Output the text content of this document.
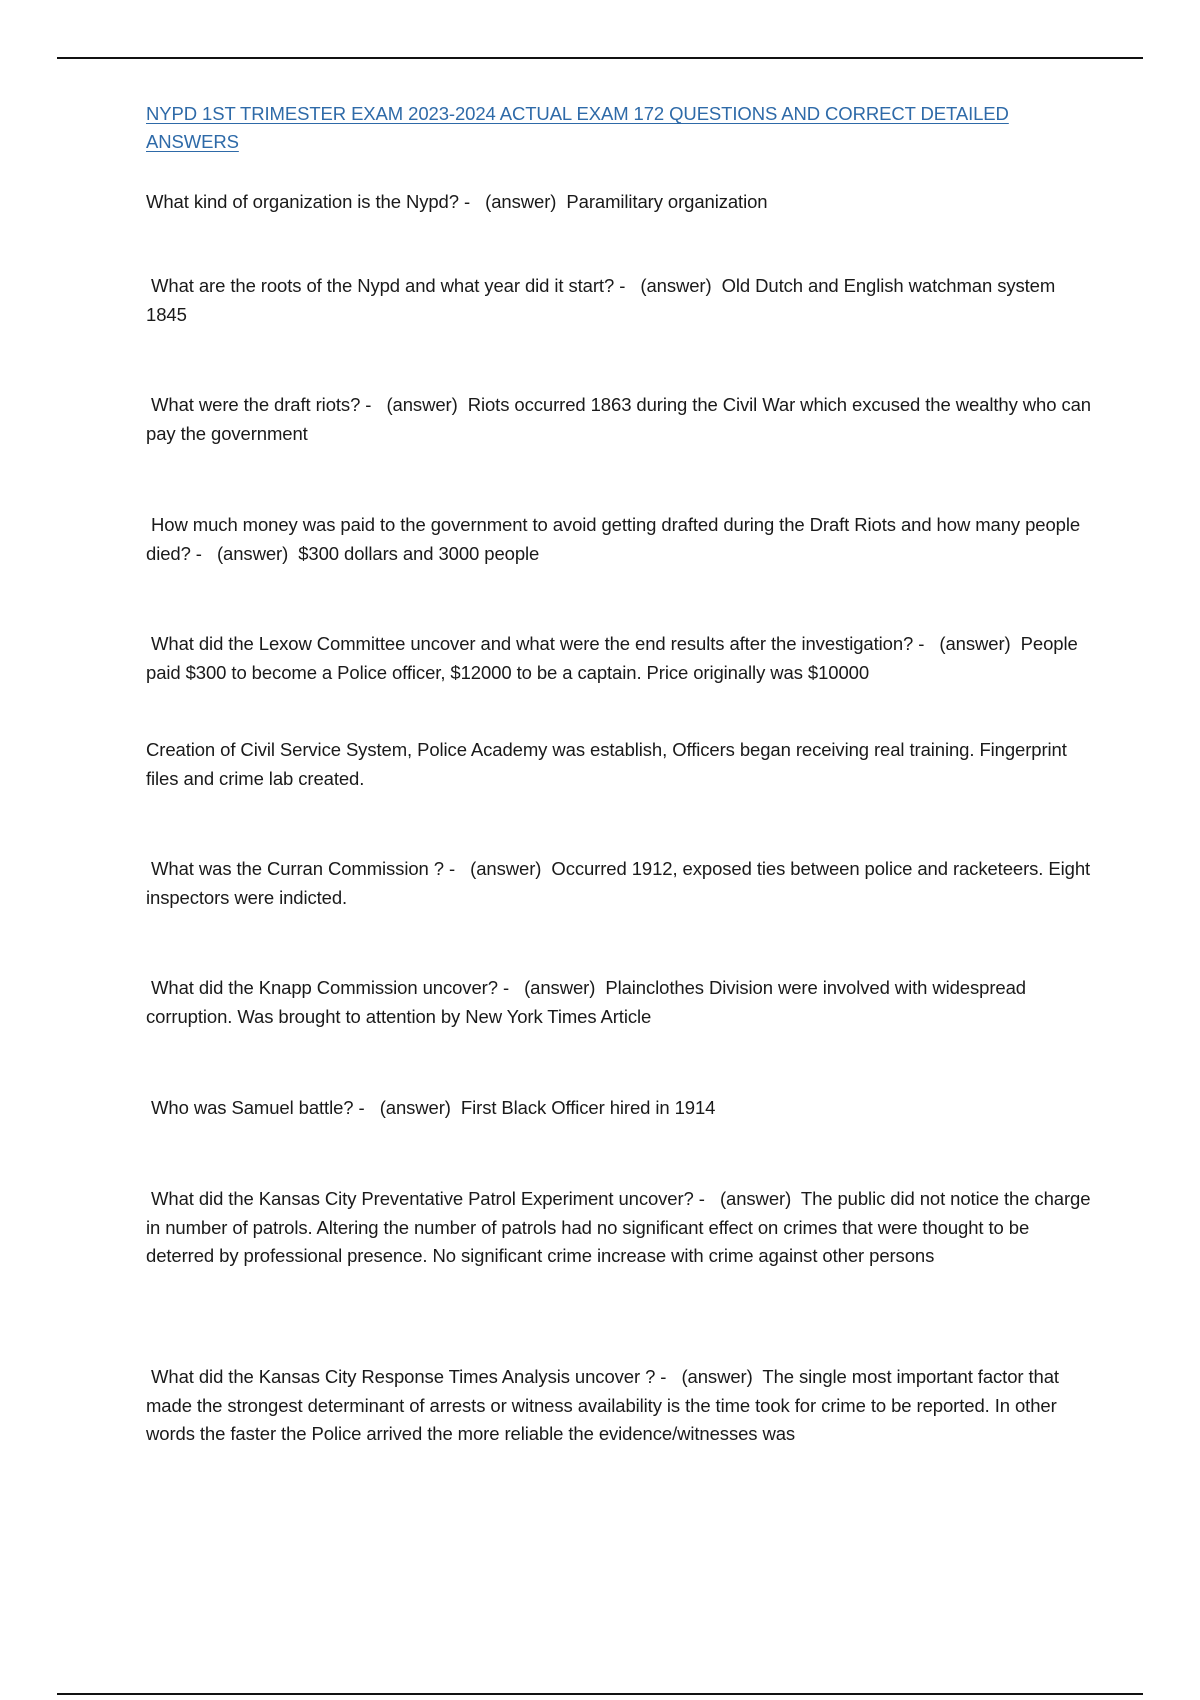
NYPD 1ST TRIMESTER EXAM 2023-2024 ACTUAL EXAM 172 QUESTIONS AND CORRECT DETAILED ANSWERS

What kind of organization is the Nypd? -   (answer)  Paramilitary organization

What are the roots of the Nypd and what year did it start? -   (answer)  Old Dutch and English watchman system 1845

What were the draft riots? -   (answer)  Riots occurred 1863 during the Civil War which excused the wealthy who can pay the government

How much money was paid to the government to avoid getting drafted during the Draft Riots and how many people died? -   (answer)  $300 dollars and 3000 people

What did the Lexow Committee uncover and what were the end results after the investigation? -   (answer)  People paid $300 to become a Police officer, $12000 to be a captain. Price originally was $10000

Creation of Civil Service System, Police Academy was establish, Officers began receiving real training. Fingerprint files and crime lab created.

What was the Curran Commission ? -   (answer)  Occurred 1912, exposed ties between police and racketeers. Eight inspectors were indicted.

What did the Knapp Commission uncover? -   (answer)  Plainclothes Division were involved with widespread corruption. Was brought to attention by New York Times Article

Who was Samuel battle? -   (answer)  First Black Officer hired in 1914

What did the Kansas City Preventative Patrol Experiment uncover? -   (answer)  The public did not notice the charge in number of patrols. Altering the number of patrols had no significant effect on crimes that were thought to be deterred by professional presence. No significant crime increase with crime against other persons

What did the Kansas City Response Times Analysis uncover ? -   (answer)  The single most important factor that made the strongest determinant of arrests or witness availability is the time took for crime to be reported. In other words the faster the Police arrived the more reliable the evidence/witnesses was
